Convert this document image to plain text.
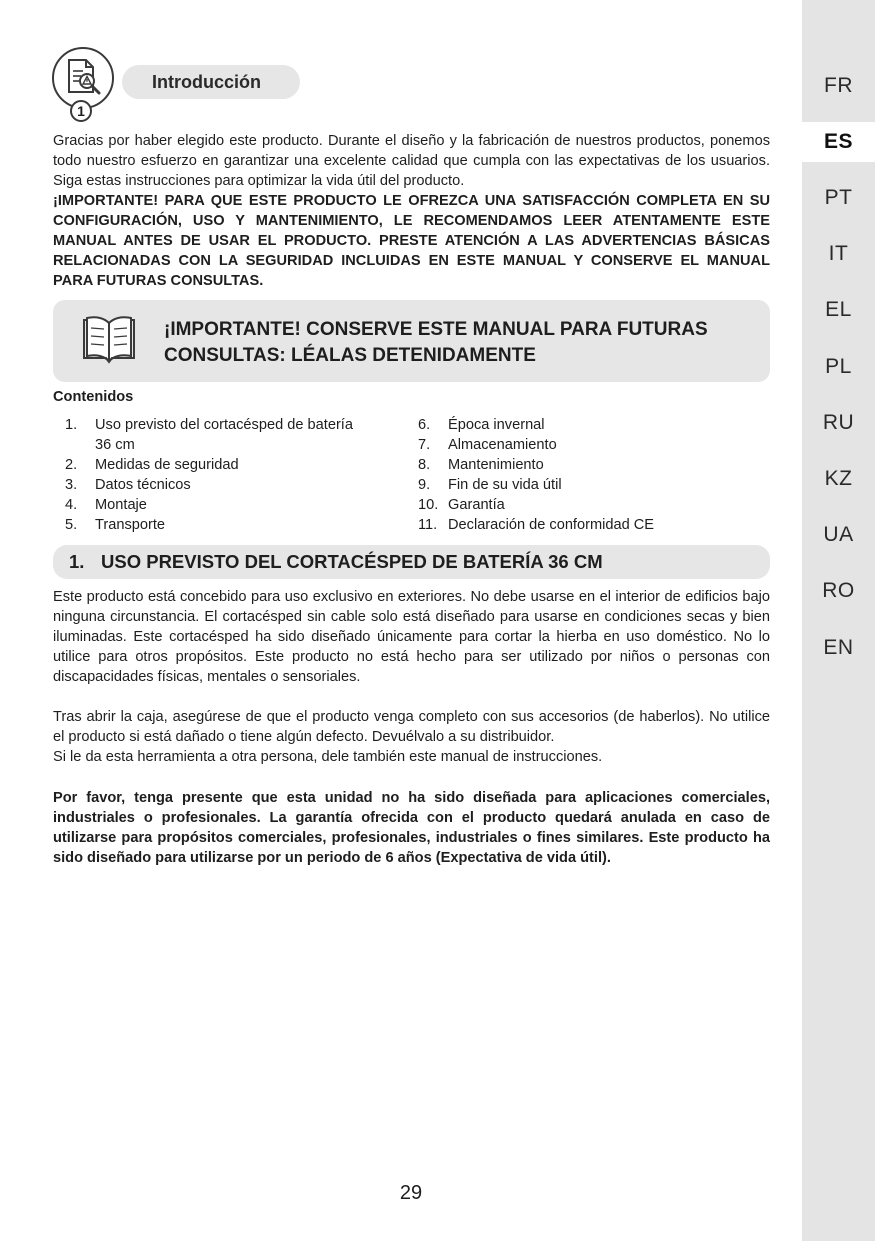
1
Introducción

Gracias por haber elegido este producto. Durante el diseño y la fabricación de nuestros productos, ponemos todo nuestro esfuerzo en garantizar una excelente calidad que cumpla con las expectativas de los usuarios. Siga estas instrucciones para optimizar la vida útil del producto.

¡IMPORTANTE! PARA QUE ESTE PRODUCTO LE OFREZCA UNA SATISFACCIÓN COMPLETA EN SU CONFIGURACIÓN, USO Y MANTENIMIENTO, LE RECOMENDAMOS LEER ATENTAMENTE ESTE MANUAL ANTES DE USAR EL PRODUCTO. PRESTE ATENCIÓN A LAS ADVERTENCIAS BÁSICAS RELACIONADAS CON LA SEGURIDAD INCLUIDAS EN ESTE MANUAL Y CONSERVE EL MANUAL PARA FUTURAS CONSULTAS.

¡IMPORTANTE! CONSERVE ESTE MANUAL PARA FUTURAS
CONSULTAS: LÉALAS DETENIDAMENTE
Contenidos
1.	Uso previsto del cortacésped de batería 36 cm
2.	Medidas de seguridad
3.	Datos técnicos
4.	Montaje
5.	Transporte
6.	Época invernal
7.	Almacenamiento
8.	Mantenimiento
9.	Fin de su vida útil
10. Garantía
11. Declaración de conformidad CE
1. USO PREVISTO DEL CORTACÉSPED DE BATERÍA 36 CM

Este producto está concebido para uso exclusivo en exteriores. No debe usarse en el interior de edificios bajo ninguna circunstancia. El cortacésped sin cable solo está diseñado para usarse en condiciones secas y bien iluminadas. Este cortacésped ha sido diseñado únicamente para cortar la hierba en uso doméstico. No lo utilice para otros propósitos. Este producto no está hecho para ser utilizado por niños o personas con discapacidades físicas, mentales o sensoriales.

Tras abrir la caja, asegúrese de que el producto venga completo con sus accesorios (de haberlos). No utilice el producto si está dañado o tiene algún defecto. Devuélvalo a su distribuidor.

Si le da esta herramienta a otra persona, dele también este manual de instrucciones.

Por favor, tenga presente que esta unidad no ha sido diseñada para aplicaciones comerciales, industriales o profesionales. La garantía ofrecida con el producto quedará anulada en caso de utilizarse para propósitos comerciales, profesionales, industriales o fines similares. Este producto ha sido diseñado para utilizarse por un periodo de 6 años (Expectativa de vida útil).

29
FR
ES
PT
IT
EL
PL
RU
KZ
UA
RO
EN
